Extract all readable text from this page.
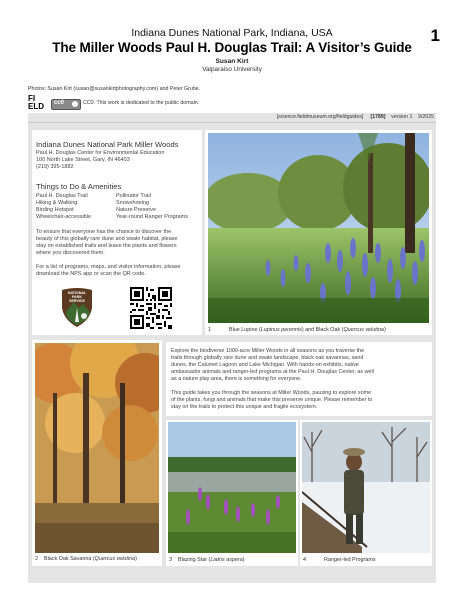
Indiana Dunes National Park, Indiana, USA
The Miller Woods Paul H. Douglas Trail: A Visitor’s Guide
1
Susan Kirt
Valparaiso University
Photos: Susan Kirt (susan@susankirtphotography.com) and Peter Grube.
FI
ELD	cc0	CC0. This work is dedicated to the public domain.
[science.fieldmuseum.org/fieldguides] [1789] version 1 9/2025
Indiana Dunes National Park Miller Woods
Paul H. Douglas Center for Environmental Education
100 North Lake Street, Gary, IN 46403
(219) 395-1882
Things to Do & Amenities
Paul H. Douglas Trail
Hiking & Walking
Birding Hotspot
Wheelchair-accessible
Pollinator Trail
Snowshoeing
Nature Preserve
Year-round Ranger Programs
To ensure that everyone has the chance to discover the
beauty of this globally rare dune and swale habitat, please
stay on established trails and leave the plants and flowers
where you discovered them.
For a list of programs, maps, and visitor information, please
download the NPS app or scan the QR code.
NATIONAL
PARK
SERVICE
1	Blue Lupine (Lupinus perennis) and Black Oak (Quercus velutina)
2 Black Oak Savanna (Quercus velutina)

Explore the biodiverse 1000-acre Miller Woods in all seasons as you traverse the

trails through globally rare dune and swale landscape, black oak savannas, sand

dunes, the Calumet Lagoon and Lake Michigan. With hands-on exhibits, native

ambassador animals and ranger-led programs at the Paul H. Douglas Center, as well

as a nature play area, there is something for everyone.

This guide takes you through the seasons at Miller Woods, pausing to explore some

of the plants, fungi and animals that make this preserve unique. Please remember to

stay on the trails to protect this unique and fragile ecosystem.

3 Blazing Star (Liatris aspera)	4	Ranger-led Programs
